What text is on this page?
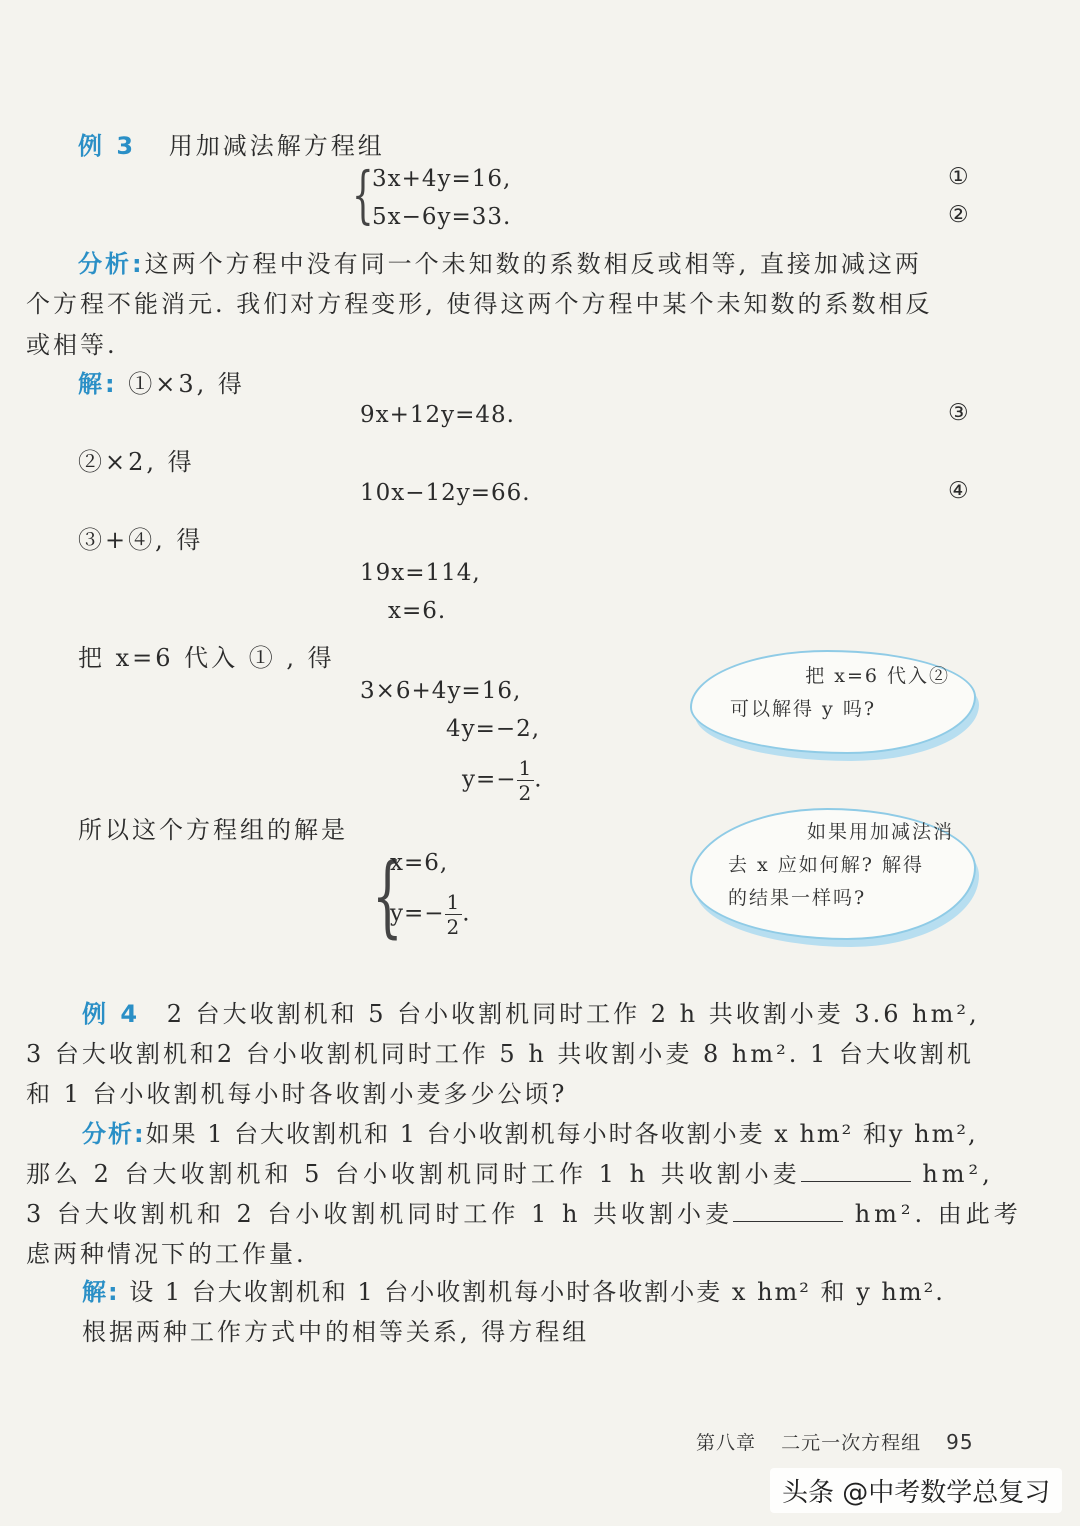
例 3 用加减法解方程组
{
3x+4y=16,
5x−6y=33.
①
②
分析:这两个方程中没有同一个未知数的系数相反或相等, 直接加减这两
个方程不能消元. 我们对方程变形, 使得这两个方程中某个未知数的系数相反
或相等.
解: ①×3, 得
9x+12y=48.	③
②×2, 得
10x−12y=66.	④
③+④, 得
19x=114,
x=6.
把 x=6 代入 ① , 得
3×6+4y=16,
4y=−2,
$y=- \frac{1}{2}$ .
所以这个方程组的解是
{
x=6,
$y=- \frac{1}{2}$ .
把 x=6 代入②
可以解得 y 吗?
如果用加减法消
去 x 应如何解? 解得
的结果一样吗?
例 4 2 台大收割机和 5 台小收割机同时工作 2 h 共收割小麦 3.6 hm²,
3 台大收割机和2 台小收割机同时工作 5 h 共收割小麦 8 hm². 1 台大收割机
和 1 台小收割机每小时各收割小麦多少公顷?
分析:如果 1 台大收割机和 1 台小收割机每小时各收割小麦 x hm² 和y hm²,
那么 2 台大收割机和 5 台小收割机同时工作 1 h 共收割小麦	hm²,
3 台大收割机和 2 台小收割机同时工作 1 h 共收割小麦	hm². 由此考
虑两种情况下的工作量.
解: 设 1 台大收割机和 1 台小收割机每小时各收割小麦 x hm² 和 y hm².
根据两种工作方式中的相等关系, 得方程组
第八章 二元一次方程组 95
头条 @中考数学总复习
